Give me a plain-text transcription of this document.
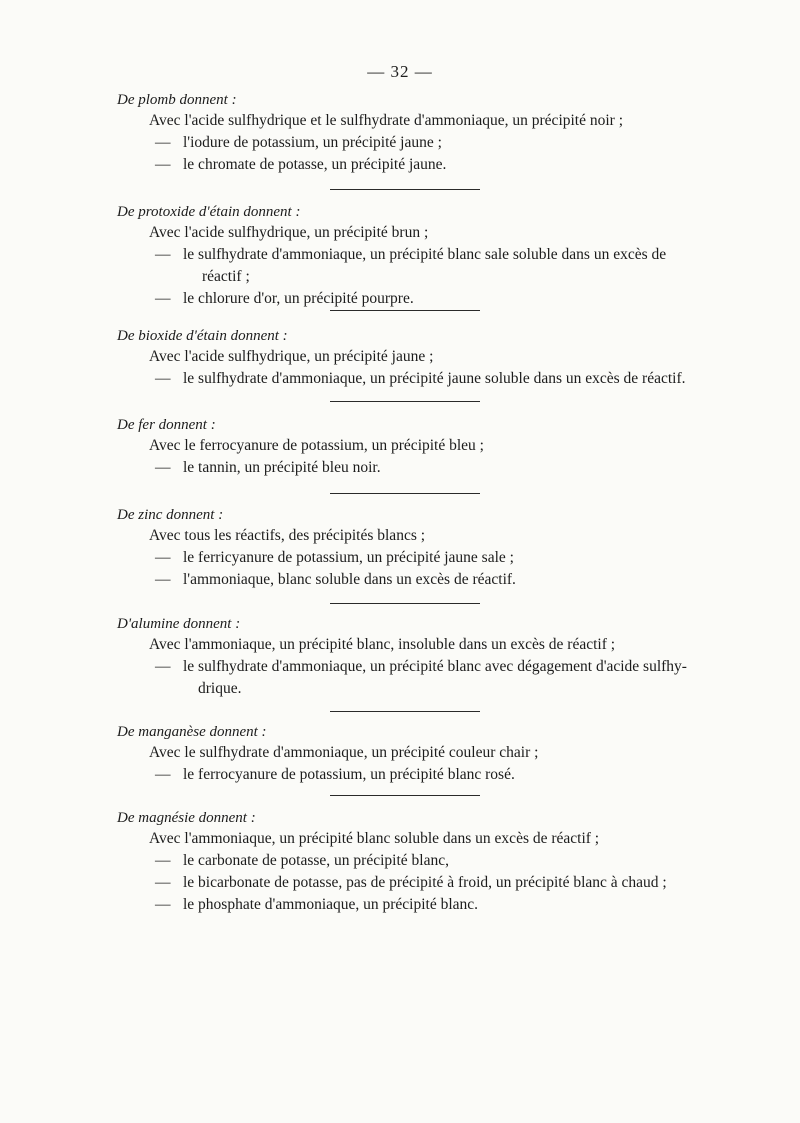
— 32 —
De plomb donnent :
Avec l'acide sulfhydrique et le sulfhydrate d'ammoniaque, un précipité noir ;
— l'iodure de potassium, un précipité jaune ;
— le chromate de potasse, un précipité jaune.
De protoxide d'étain donnent :
Avec l'acide sulfhydrique, un précipité brun ;
— le sulfhydrate d'ammoniaque, un précipité blanc sale soluble dans un excès de
réactif ;
— le chlorure d'or, un précipité pourpre.
De bioxide d'étain donnent :
Avec l'acide sulfhydrique, un précipité jaune ;
— le sulfhydrate d'ammoniaque, un précipité jaune soluble dans un excès de réactif.
De fer donnent :
Avec le ferrocyanure de potassium, un précipité bleu ;
— le tannin, un précipité bleu noir.
De zinc donnent :
Avec tous les réactifs, des précipités blancs ;
— le ferricyanure de potassium, un précipité jaune sale ;
— l'ammoniaque, blanc soluble dans un excès de réactif.
D'alumine donnent :
Avec l'ammoniaque, un précipité blanc, insoluble dans un excès de réactif ;
— le sulfhydrate d'ammoniaque, un précipité blanc avec dégagement d'acide sulfhy-
drique.
De manganèse donnent :
Avec le sulfhydrate d'ammoniaque, un précipité couleur chair ;
— le ferrocyanure de potassium, un précipité blanc rosé.
De magnésie donnent :
Avec l'ammoniaque, un précipité blanc soluble dans un excès de réactif ;
— le carbonate de potasse, un précipité blanc,
— le bicarbonate de potasse, pas de précipité à froid, un précipité blanc à chaud ;
— le phosphate d'ammoniaque, un précipité blanc.
